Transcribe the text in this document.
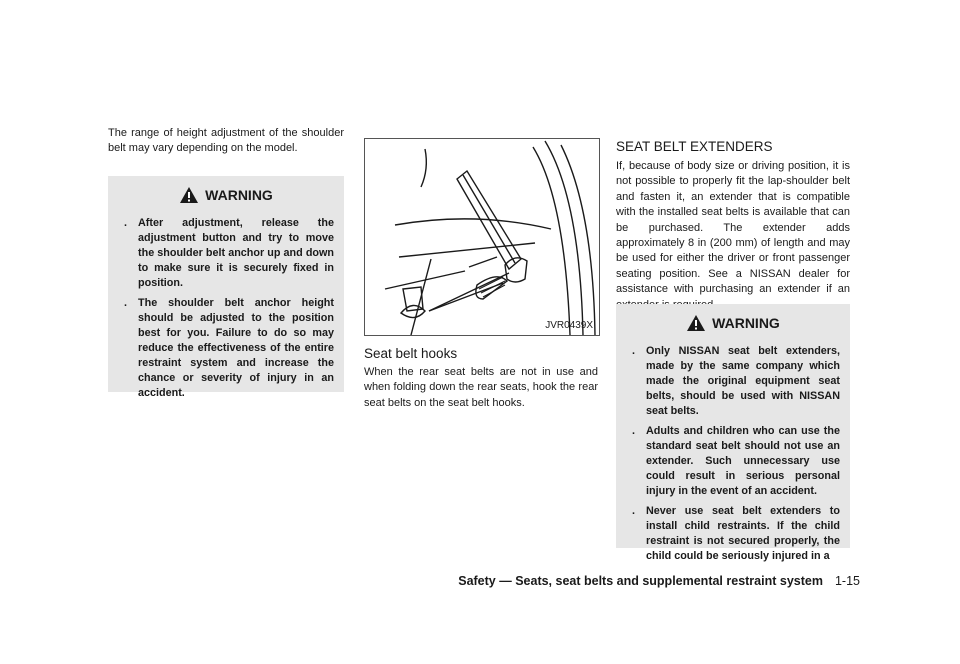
The range of height adjustment of the shoulder belt may vary depending on the model.

WARNING
. After adjustment, release the adjustment button and try to move the shoulder belt anchor up and down to make sure it is securely fixed in position.
. The shoulder belt anchor height should be adjusted to the position best for you. Failure to do so may reduce the effectiveness of the entire restraint system and increase the chance or severity of injury in an accident.
JVR0439X
Seat belt hooks

When the rear seat belts are not in use and when folding down the rear seats, hook the rear seat belts on the seat belt hooks.

SEAT BELT EXTENDERS

If, because of body size or driving position, it is not possible to properly fit the lap-shoulder belt and fasten it, an extender that is compatible with the installed seat belts is available that can be purchased. The extender adds approximately 8 in (200 mm) of length and may be used for either the driver or front passenger seating position. See a NISSAN dealer for assistance with purchasing an extender if an

WARNING
. Only NISSAN seat belt extenders, made by the same company which made the original equipment seat belts, should be used with NISSAN seat belts.
. Adults and children who can use the standard seat belt should not use an extender. Such unnecessary use could result in serious personal injury in the event of an accident.
. Never use seat belt extenders to install child restraints. If the child restraint is not secured properly, the child could be seriously injured in a
Safety — Seats, seat belts and supplemental restraint system 1-15
